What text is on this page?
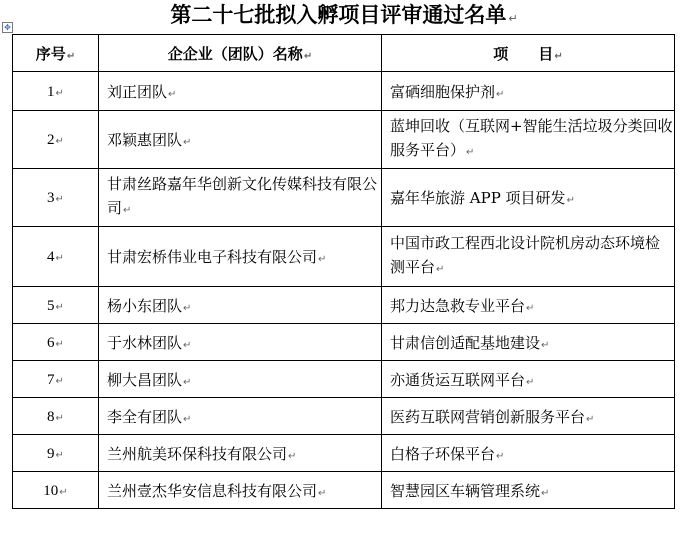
第二十七批拟入孵项目评审通过名单 ↵
✥
序号↵	企企业（团队）名称↵	项　　目↵
1↵	刘正团队↵	富硒细胞保护剂↵
2↵	邓颖惠团队↵	蓝坤回收（互联网+智能生活垃圾分类回收服务平台）↵
3↵	甘肃丝路嘉年华创新文化传媒科技有限公司↵	嘉年华旅游 APP 项目研发↵
4↵	甘肃宏桥伟业电子科技有限公司↵	中国市政工程西北设计院机房动态环境检测平台↵
5↵	杨小东团队↵	邦力达急救专业平台↵
6↵	于水林团队↵	甘肃信创适配基地建设↵
7↵	柳大昌团队↵	亦通货运互联网平台↵
8↵	李全有团队↵	医药互联网营销创新服务平台↵
9↵	兰州航美环保科技有限公司↵	白格子环保平台↵
10↵	兰州壹杰华安信息科技有限公司↵	智慧园区车辆管理系统↵
